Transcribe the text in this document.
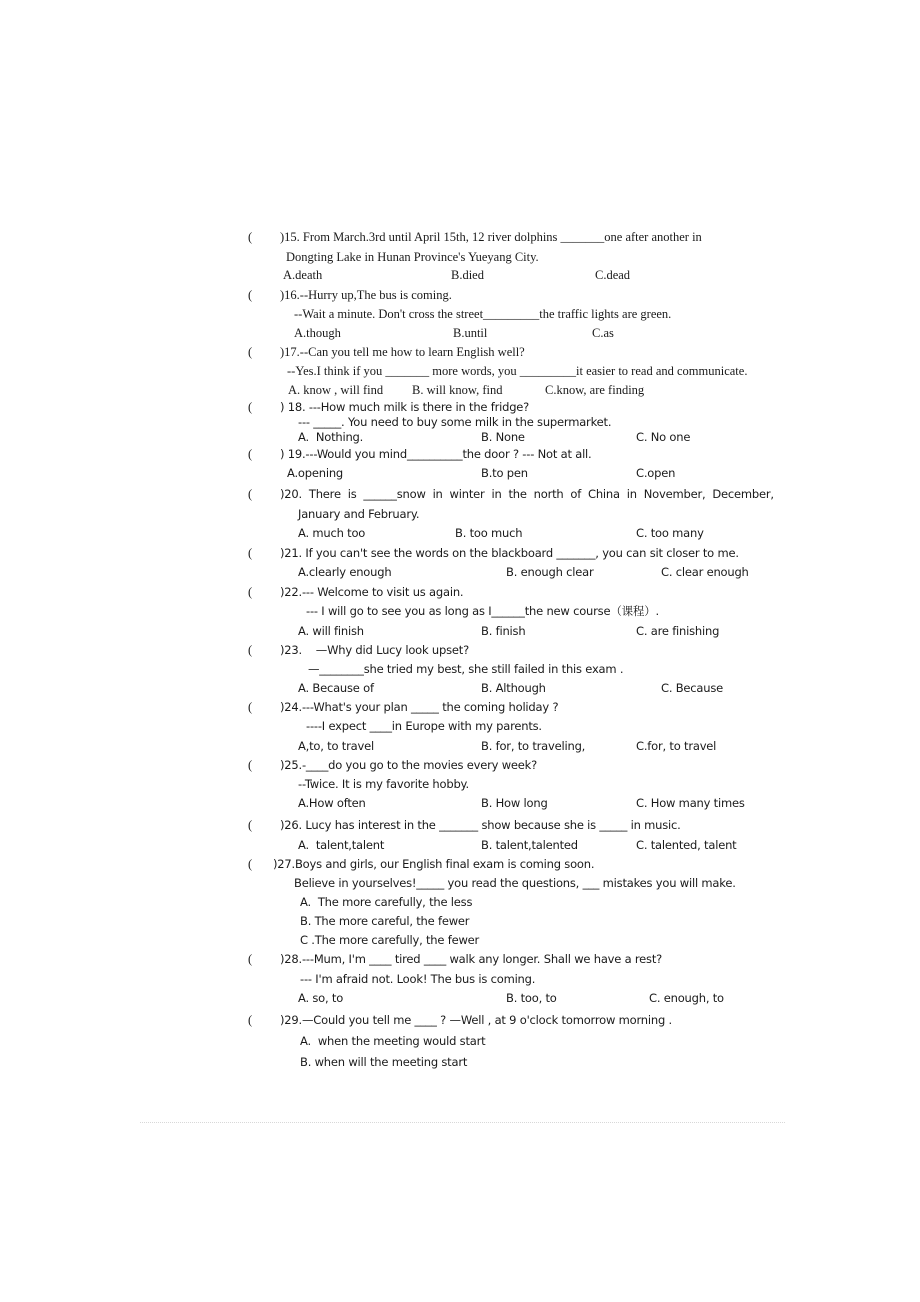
( )15. From March.3rd until April 15th, 12 river dolphins _______one after another in
Dongting Lake in Hunan Province's Yueyang City.
A.death	B.died	C.dead
( )16.--Hurry up,The bus is coming.
--Wait a minute. Don't cross the street_________the traffic lights are green.
A.though	B.until	C.as
( )17.--Can you tell me how to learn English well?
--Yes.I think if you _______ more words, you _________it easier to read and communicate.
A. know , will find B. will know, find	C.know, are finding
( ) 18. ---How much milk is there in the fridge?
--- _____. You need to buy some milk in the supermarket.
A.  Nothing.	B. None	C. No one
( ) 19.---Would you mind__________the door ? --- Not at all.
A.opening	B.to pen	C.open
( )20.  There  is  ______snow  in  winter  in  the  north  of  China  in  November,  December,
January and February.
A. much too	B. too much	C. too many
( )21. If you can't see the words on the blackboard _______, you can sit closer to me.
A.clearly enough	B. enough clear	C. clear enough
( )22.--- Welcome to visit us again.
--- I will go to see you as long as I______the new course（课程）.
A. will finish	B. finish	C. are finishing
( )23.    —Why did Lucy look upset?
—________she tried my best, she still failed in this exam .
A. Because of	B. Although	C. Because
( )24.---What's your plan _____ the coming holiday ?
----I expect ____in Europe with my parents.
A,to, to travel	B. for, to traveling,	C.for, to travel
( )25.-____do you go to the movies every week?
--Twice. It is my favorite hobby.
A.How often	B. How long	C. How many times
( )26. Lucy has interest in the _______ show because she is _____ in music.
A.  talent,talent	B. talent,talented	C. talented, talent
( )27.Boys and girls, our English final exam is coming soon.
Believe in yourselves!_____ you read the questions, ___ mistakes you will make.
A.  The more carefully, the less
B. The more careful, the fewer
C .The more carefully, the fewer
( )28.---Mum, I'm ____ tired ____ walk any longer. Shall we have a rest?
--- I'm afraid not. Look! The bus is coming.
A. so, to	B. too, to	C. enough, to
( )29.—Could you tell me ____ ? —Well , at 9 o'clock tomorrow morning .
A.  when the meeting would start
B. when will the meeting start
